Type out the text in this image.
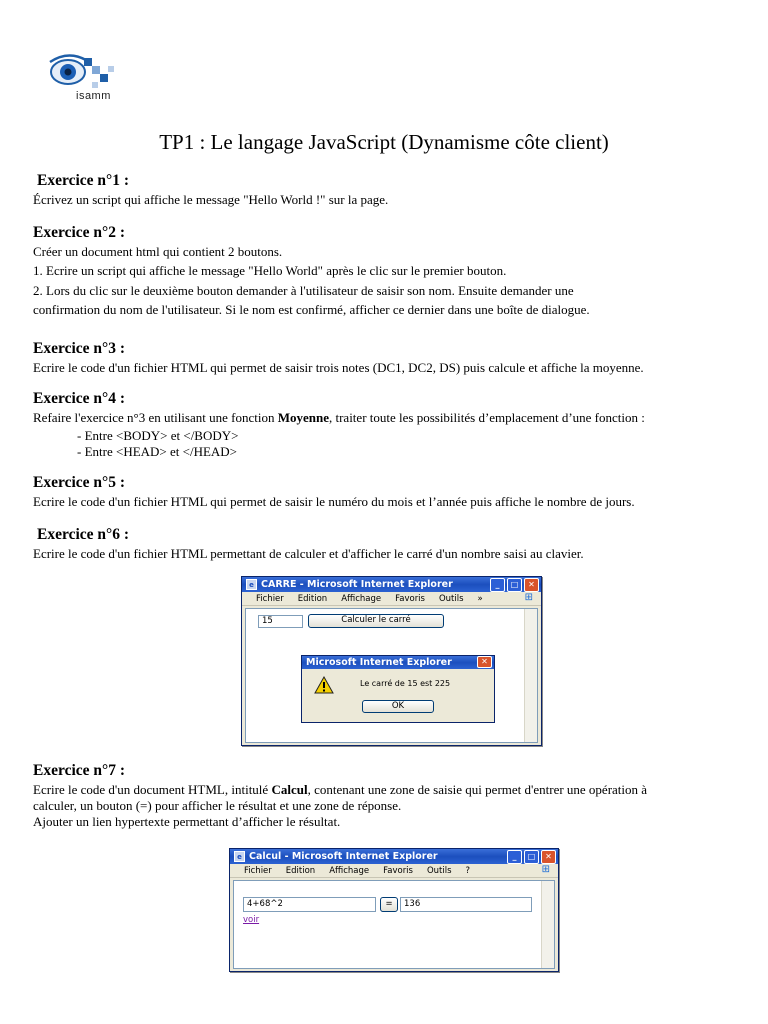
isamm
TP1 : Le langage JavaScript (Dynamisme côte client)
Exercice n°1 :
Écrivez un script qui affiche le message "Hello World !" sur la page.
Exercice n°2 :
Créer un document html qui contient 2 boutons.
1. Ecrire un script qui affiche le message "Hello World" après le clic sur le premier bouton.
2. Lors du clic sur le deuxième bouton demander à l'utilisateur de saisir son nom. Ensuite demander une
confirmation du nom de l'utilisateur. Si le nom est confirmé, afficher ce dernier dans une boîte de dialogue.
Exercice n°3 :
Ecrire le code d'un fichier HTML qui permet de saisir trois notes (DC1, DC2, DS) puis calcule et affiche la moyenne.
Exercice n°4 :
Refaire l'exercice n°3 en utilisant une fonction Moyenne, traiter toute les possibilités d’emplacement d’une fonction :
- Entre <BODY> et </BODY>
- Entre <HEAD> et </HEAD>
Exercice n°5 :
Ecrire le code d'un fichier HTML qui permet de saisir le numéro du mois et l’année puis affiche le nombre de jours.
Exercice n°6 :
Ecrire le code d'un fichier HTML permettant de calculer et d'afficher le carré d'un nombre saisi au clavier.
e CARRE - Microsoft Internet Explorer	_	□	✕
Fichier Edition Affichage Favoris Outils »	⊞
15	Calculer le carré
Microsoft Internet Explorer	✕
Le carré de 15 est 225
OK
Exercice n°7 :
Ecrire le code d'un document HTML, intitulé Calcul, contenant une zone de saisie qui permet d'entrer une opération à
calculer, un bouton (=) pour afficher le résultat et une zone de réponse.
Ajouter un lien hypertexte permettant d’afficher le résultat.
e Calcul - Microsoft Internet Explorer	_	□	✕
Fichier Edition Affichage Favoris Outils ?	⊞
4+68^2	=	136
voir
